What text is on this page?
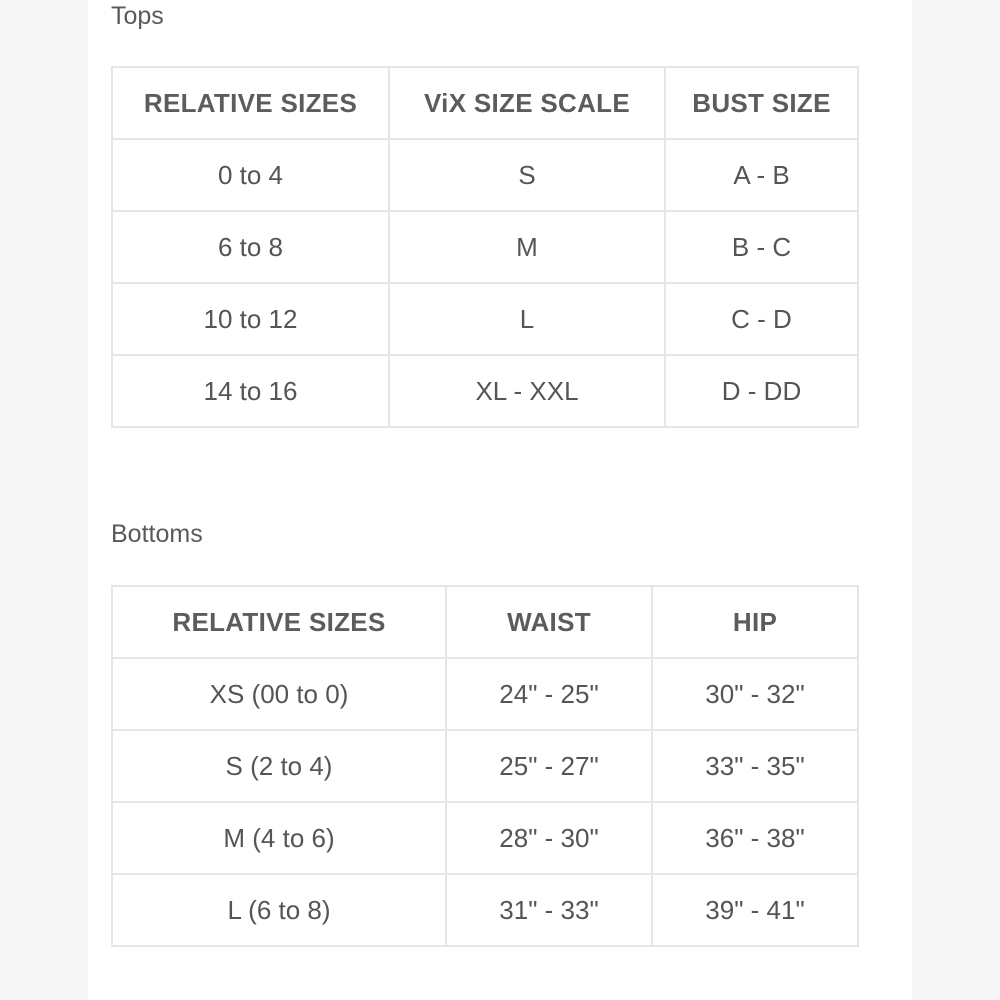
Tops
RELATIVE SIZES	ViX SIZE SCALE	BUST SIZE
0 to 4	S	A - B
6 to 8	M	B - C
10 to 12	L	C - D
14 to 16	XL - XXL	D - DD
Bottoms
RELATIVE SIZES	WAIST	HIP
XS (00 to 0)	24" - 25"	30" - 32"
S (2 to 4)	25" - 27"	33" - 35"
M (4 to 6)	28" - 30"	36" - 38"
L (6 to 8)	31" - 33"	39" - 41"
